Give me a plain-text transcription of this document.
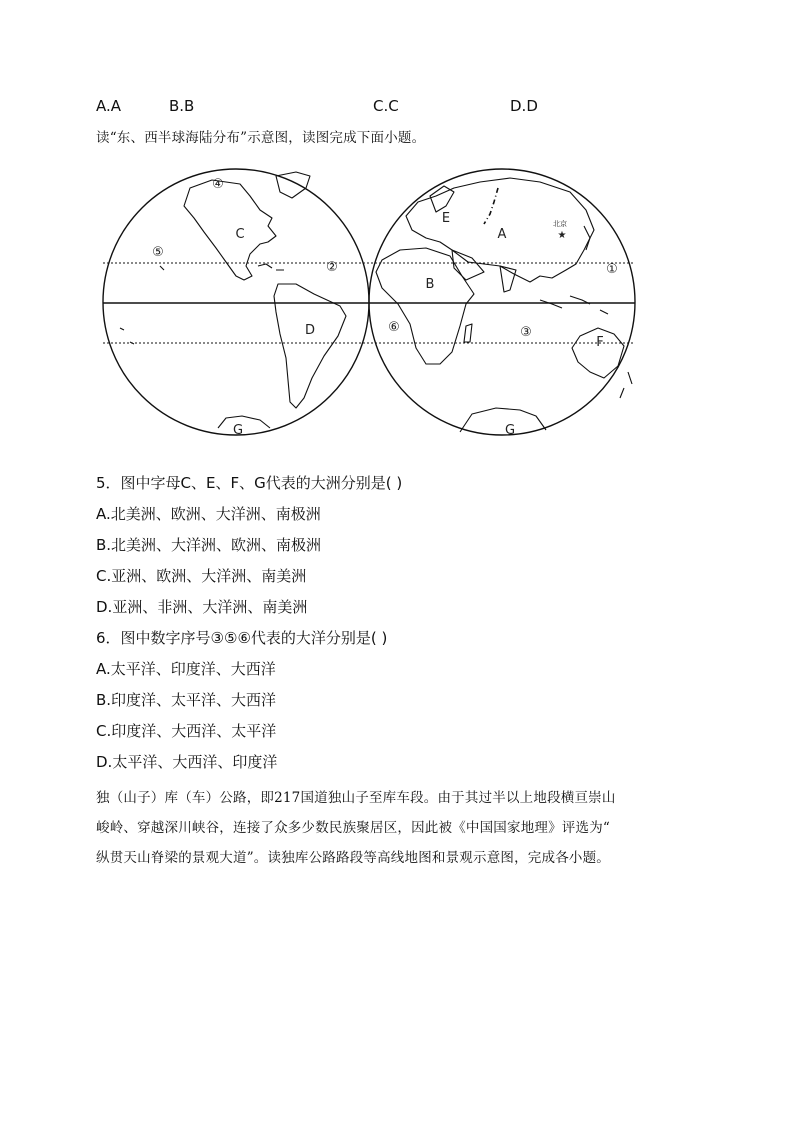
A.A	B.B	C.C	D.D
读“东、西半球海陆分布”示意图，读图完成下面小题。
★
北京
A
B
C
D
E
F
G	G
①
②
③
④
⑤
⑥
5．图中字母C、E、F、G代表的大洲分别是( )
A.北美洲、欧洲、大洋洲、南极洲
B.北美洲、大洋洲、欧洲、南极洲
C.亚洲、欧洲、大洋洲、南美洲
D.亚洲、非洲、大洋洲、南美洲
6．图中数字序号③⑤⑥代表的大洋分别是( )
A.太平洋、印度洋、大西洋
B.印度洋、太平洋、大西洋
C.印度洋、大西洋、太平洋
D.太平洋、大西洋、印度洋
独（山子）库（车）公路，即217国道独山子至库车段。由于其过半以上地段横亘崇山
峻岭、穿越深川峡谷，连接了众多少数民族聚居区，因此被《中国国家地理》评选为“
纵贯天山脊梁的景观大道”。读独库公路路段等高线地图和景观示意图，完成各小题。
